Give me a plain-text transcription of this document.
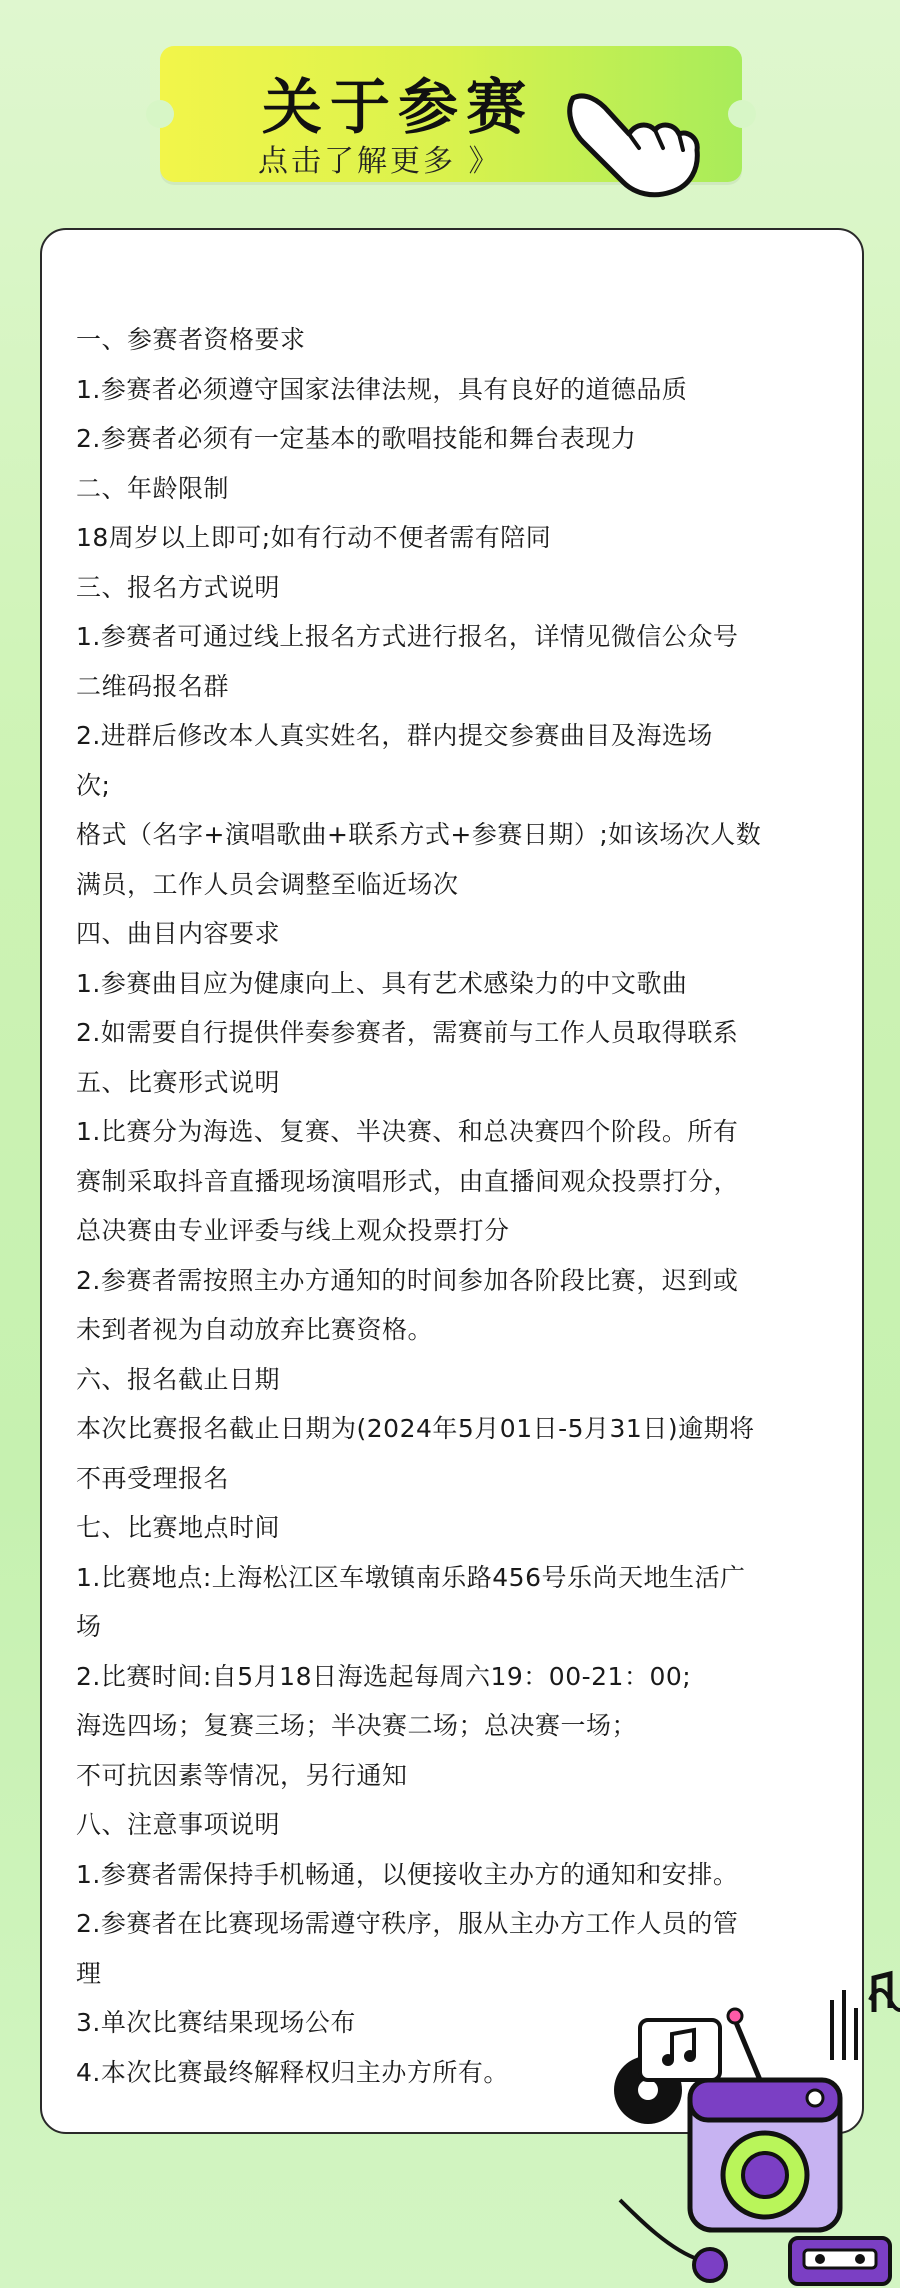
关于参赛
点击了解更多 》
一、参赛者资格要求
1.参赛者必须遵守国家法律法规，具有良好的道德品质
2.参赛者必须有一定基本的歌唱技能和舞台表现力
二、年龄限制
18周岁以上即可;如有行动不便者需有陪同
三、报名方式说明
1.参赛者可通过线上报名方式进行报名，详情见微信公众号
二维码报名群
2.进群后修改本人真实姓名，群内提交参赛曲目及海选场
次;
格式（名字+演唱歌曲+联系方式+参赛日期）;如该场次人数
满员，工作人员会调整至临近场次
四、曲目内容要求
1.参赛曲目应为健康向上、具有艺术感染力的中文歌曲
2.如需要自行提供伴奏参赛者，需赛前与工作人员取得联系
五、比赛形式说明
1.比赛分为海选、复赛、半决赛、和总决赛四个阶段。所有
赛制采取抖音直播现场演唱形式，由直播间观众投票打分，
总决赛由专业评委与线上观众投票打分
2.参赛者需按照主办方通知的时间参加各阶段比赛，迟到或
未到者视为自动放弃比赛资格。
六、报名截止日期
本次比赛报名截止日期为(2024年5月01日-5月31日)逾期将
不再受理报名
七、比赛地点时间
1.比赛地点:上海松江区车墩镇南乐路456号乐尚天地生活广
场
2.比赛时间:自5月18日海选起每周六19：00-21：00;
海选四场；复赛三场；半决赛二场；总决赛一场；
不可抗因素等情况，另行通知
八、注意事项说明
1.参赛者需保持手机畅通，以便接收主办方的通知和安排。
2.参赛者在比赛现场需遵守秩序，服从主办方工作人员的管
理
3.单次比赛结果现场公布
4.本次比赛最终解释权归主办方所有。
